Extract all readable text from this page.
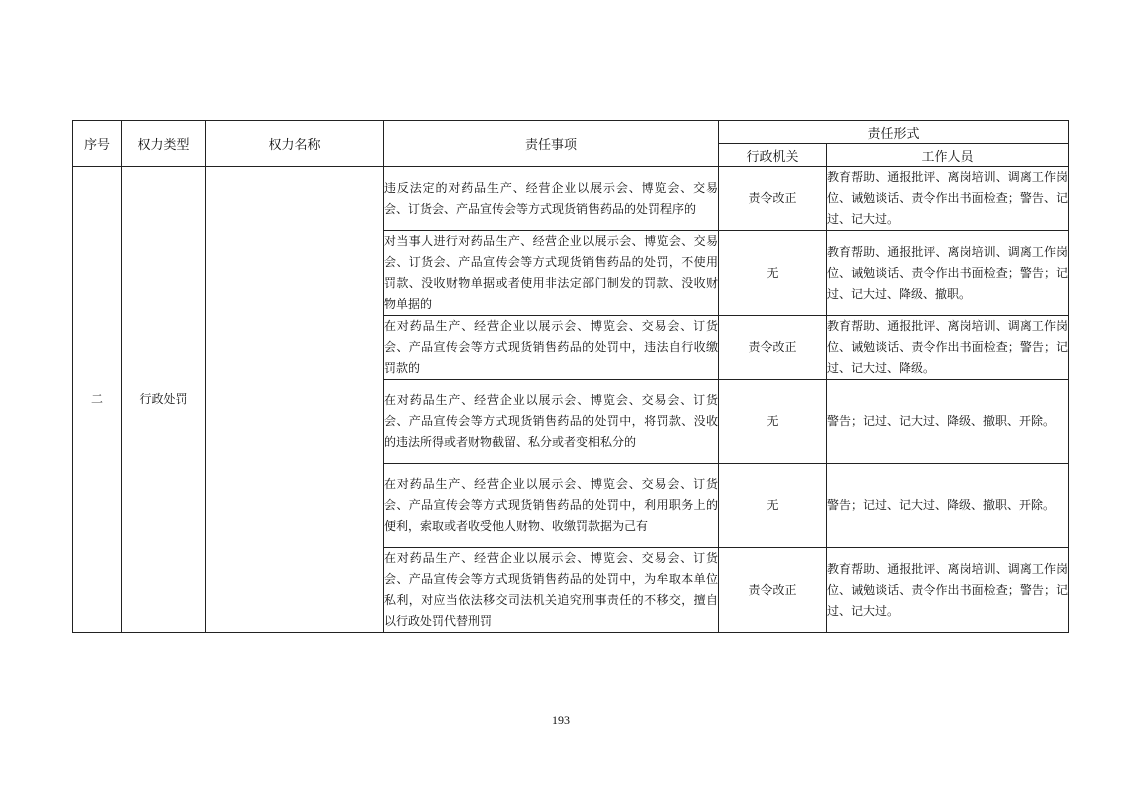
序号	权力类型	权力名称	责任事项	责任形式	
				行政机关	工作人员
二	行政处罚		违反法定的对药品生产、经营企业以展示会、博览会、交易会、订货会、产品宣传会等方式现货销售药品的处罚程序的	责令改正	教育帮助、通报批评、离岗培训、调离工作岗位、诫勉谈话、责令作出书面检查；警告、记过、记大过。
			对当事人进行对药品生产、经营企业以展示会、博览会、交易会、订货会、产品宣传会等方式现货销售药品的处罚，不使用罚款、没收财物单据或者使用非法定部门制发的罚款、没收财物单据的	无	教育帮助、通报批评、离岗培训、调离工作岗位、诫勉谈话、责令作出书面检查；警告；记过、记大过、降级、撤职。
			在对药品生产、经营企业以展示会、博览会、交易会、订货会、产品宣传会等方式现货销售药品的处罚中，违法自行收缴罚款的	责令改正	教育帮助、通报批评、离岗培训、调离工作岗位、诫勉谈话、责令作出书面检查；警告；记过、记大过、降级。
			在对药品生产、经营企业以展示会、博览会、交易会、订货会、产品宣传会等方式现货销售药品的处罚中，将罚款、没收的违法所得或者财物截留、私分或者变相私分的	无	警告；记过、记大过、降级、撤职、开除。
			在对药品生产、经营企业以展示会、博览会、交易会、订货会、产品宣传会等方式现货销售药品的处罚中，利用职务上的便利，索取或者收受他人财物、收缴罚款据为己有	无	警告；记过、记大过、降级、撤职、开除。
			在对药品生产、经营企业以展示会、博览会、交易会、订货会、产品宣传会等方式现货销售药品的处罚中，为牟取本单位私利，对应当依法移交司法机关追究刑事责任的不移交，擅自以行政处罚代替刑罚	责令改正	教育帮助、通报批评、离岗培训、调离工作岗位、诫勉谈话、责令作出书面检查；警告；记过、记大过。
193
